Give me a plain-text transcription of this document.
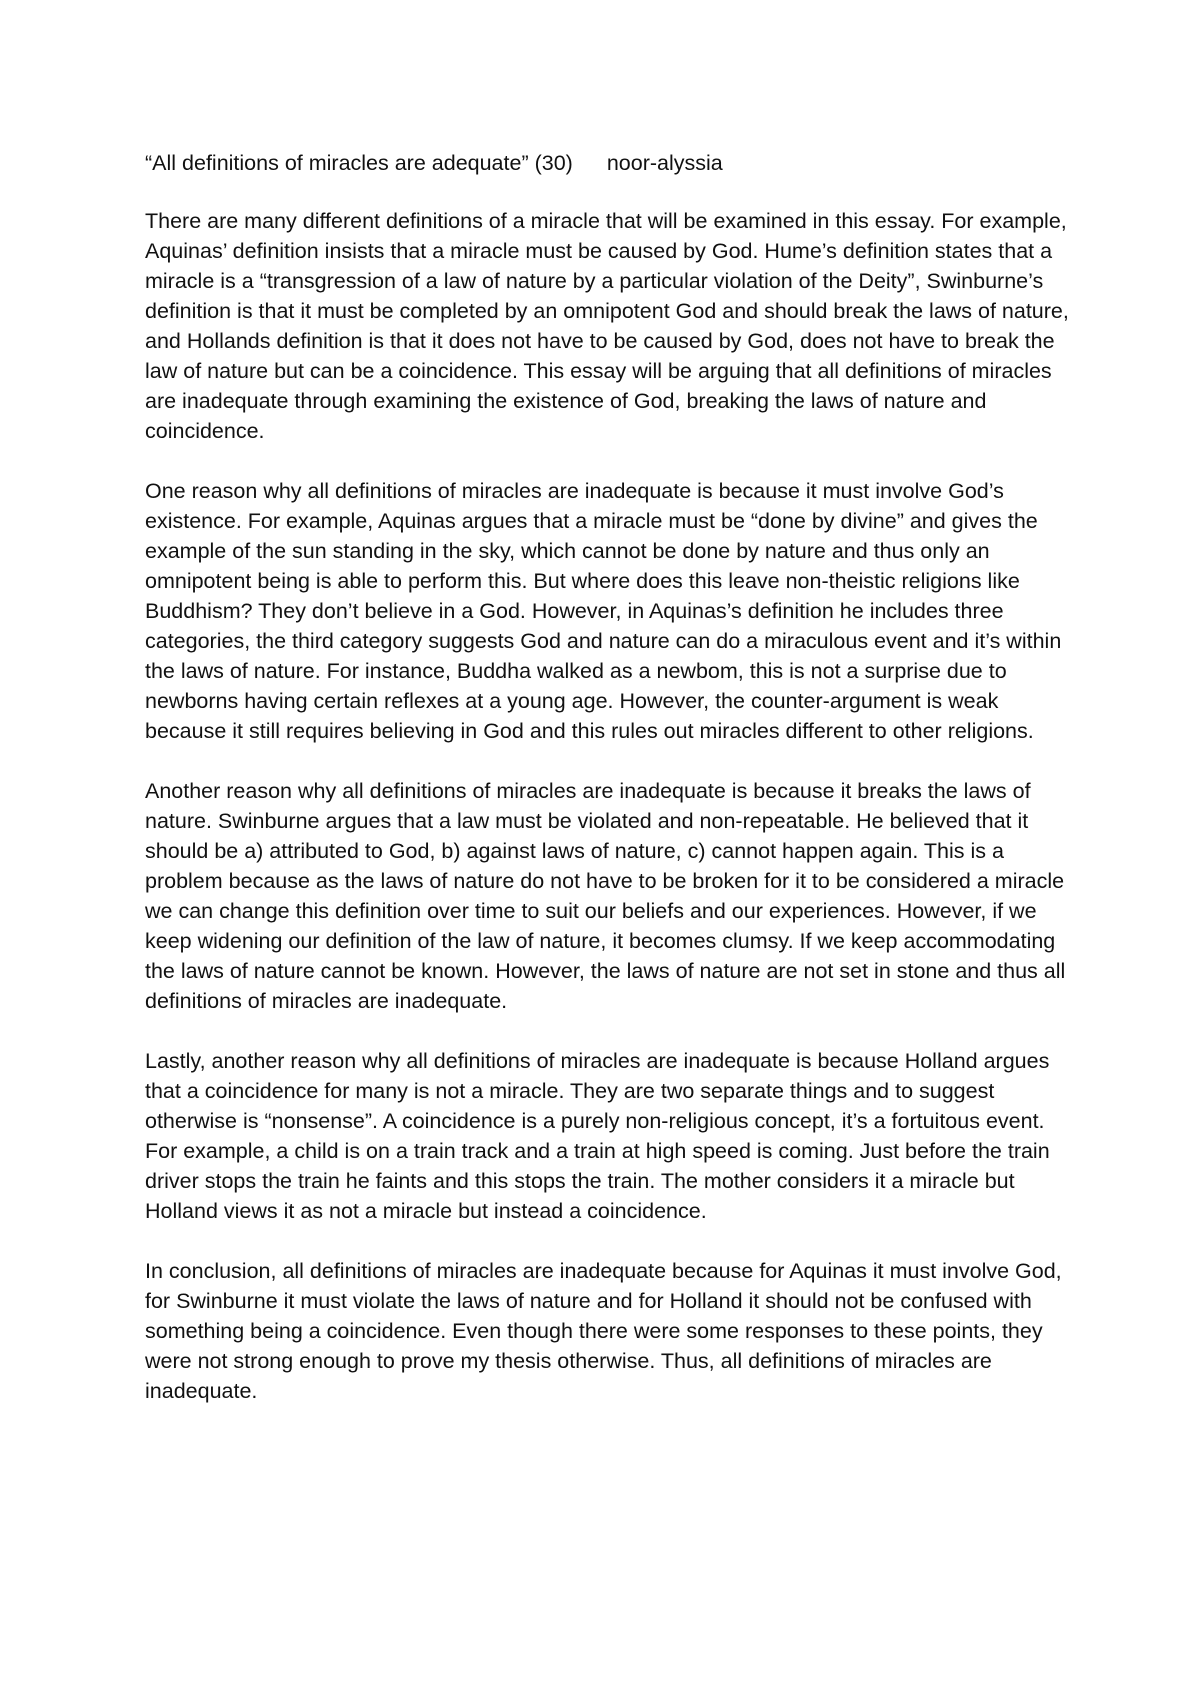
“All definitions of miracles are adequate” (30) noor-alyssia

There are many different definitions of a miracle that will be examined in this essay. For example, Aquinas’ definition insists that a miracle must be caused by God. Hume’s definition states that a miracle is a “transgression of a law of nature by a particular violation of the Deity”, Swinburne’s definition is that it must be completed by an omnipotent God and should break the laws of nature, and Hollands definition is that it does not have to be caused by God, does not have to break the law of nature but can be a coincidence. This essay will be arguing that all definitions of miracles are inadequate through examining the existence of God, breaking the laws of nature and coincidence.

One reason why all definitions of miracles are inadequate is because it must involve God’s existence. For example, Aquinas argues that a miracle must be “done by divine” and gives the example of the sun standing in the sky, which cannot be done by nature and thus only an omnipotent being is able to perform this. But where does this leave non-theistic religions like Buddhism? They don’t believe in a God. However, in Aquinas’s definition he includes three categories, the third category suggests God and nature can do a miraculous event and it’s within the laws of nature. For instance, Buddha walked as a newbom, this is not a surprise due to newborns having certain reflexes at a young age. However, the counter-argument is weak because it still requires believing in God and this rules out miracles different to other religions.

Another reason why all definitions of miracles are inadequate is because it breaks the laws of nature. Swinburne argues that a law must be violated and non-repeatable. He believed that it should be a) attributed to God, b) against laws of nature, c) cannot happen again. This is a problem because as the laws of nature do not have to be broken for it to be considered a miracle we can change this definition over time to suit our beliefs and our experiences. However, if we keep widening our definition of the law of nature, it becomes clumsy. If we keep accommodating the laws of nature cannot be known. However, the laws of nature are not set in stone and thus all definitions of miracles are inadequate.

Lastly, another reason why all definitions of miracles are inadequate is because Holland argues that a coincidence for many is not a miracle. They are two separate things and to suggest otherwise is “nonsense”. A coincidence is a purely non-religious concept, it’s a fortuitous event. For example, a child is on a train track and a train at high speed is coming. Just before the train driver stops the train he faints and this stops the train. The mother considers it a miracle but Holland views it as not a miracle but instead a coincidence.

In conclusion, all definitions of miracles are inadequate because for Aquinas it must involve God, for Swinburne it must violate the laws of nature and for Holland it should not be confused with something being a coincidence. Even though there were some responses to these points, they were not strong enough to prove my thesis otherwise. Thus, all definitions of miracles are inadequate.
